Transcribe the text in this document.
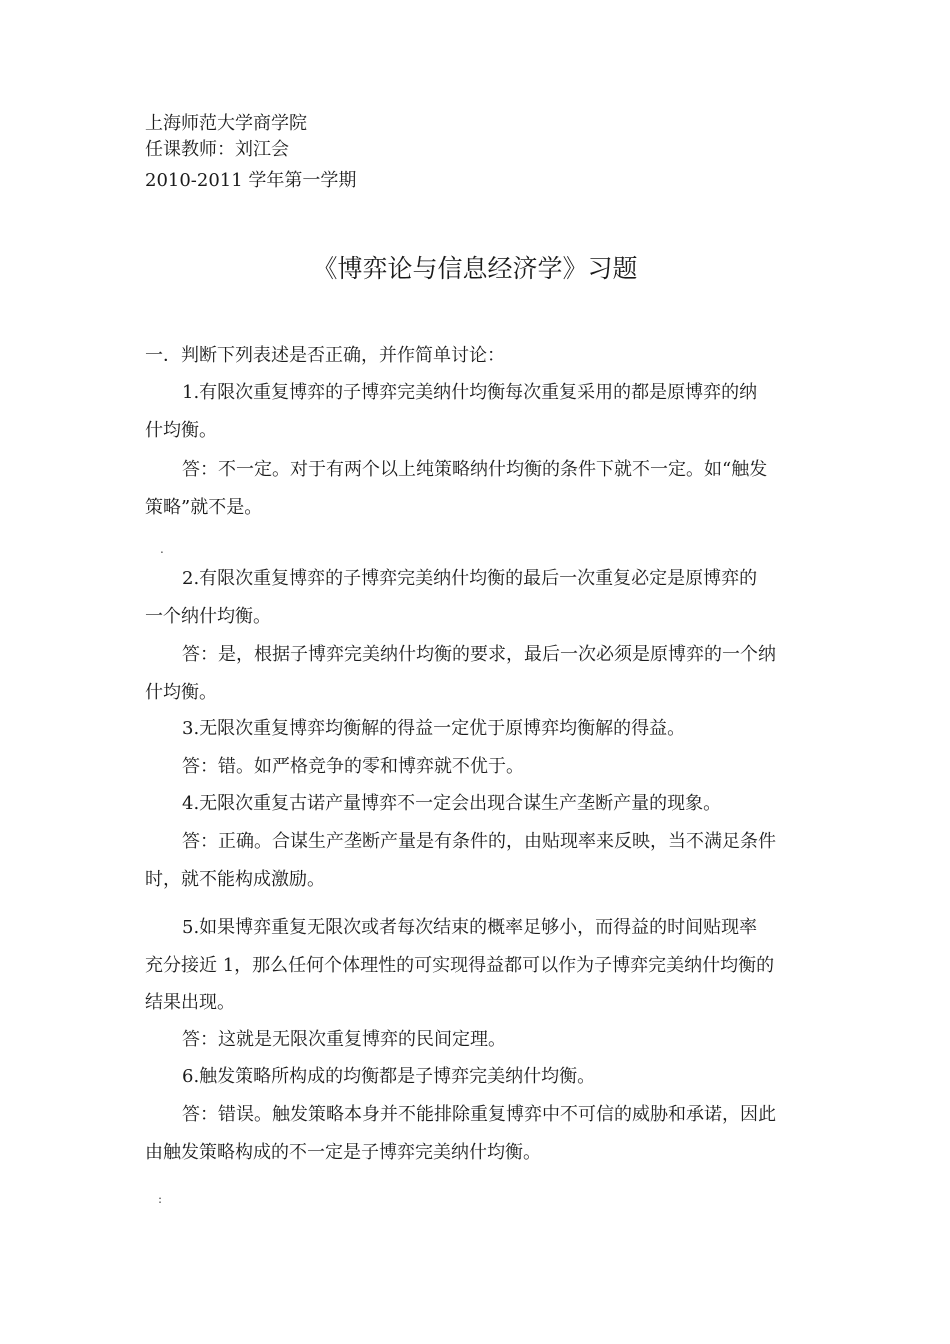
上海师范大学商学院
任课教师：刘江会
2010-2011 学年第一学期
《博弈论与信息经济学》习题
一．判断下列表述是否正确，并作简单讨论：
1.有限次重复博弈的子博弈完美纳什均衡每次重复采用的都是原博弈的纳
什均衡。
答：不一定。对于有两个以上纯策略纳什均衡的条件下就不一定。如“触发
策略”就不是。
.
2.有限次重复博弈的子博弈完美纳什均衡的最后一次重复必定是原博弈的
一个纳什均衡。
答：是，根据子博弈完美纳什均衡的要求，最后一次必须是原博弈的一个纳
什均衡。
3.无限次重复博弈均衡解的得益一定优于原博弈均衡解的得益。
答：错。如严格竞争的零和博弈就不优于。
4.无限次重复古诺产量博弈不一定会出现合谋生产垄断产量的现象。
答：正确。合谋生产垄断产量是有条件的，由贴现率来反映，当不满足条件
时，就不能构成激励。
5.如果博弈重复无限次或者每次结束的概率足够小，而得益的时间贴现率
充分接近 1，那么任何个体理性的可实现得益都可以作为子博弈完美纳什均衡的
结果出现。
答：这就是无限次重复博弈的民间定理。
6.触发策略所构成的均衡都是子博弈完美纳什均衡。
答：错误。触发策略本身并不能排除重复博弈中不可信的威胁和承诺，因此
由触发策略构成的不一定是子博弈完美纳什均衡。
:
